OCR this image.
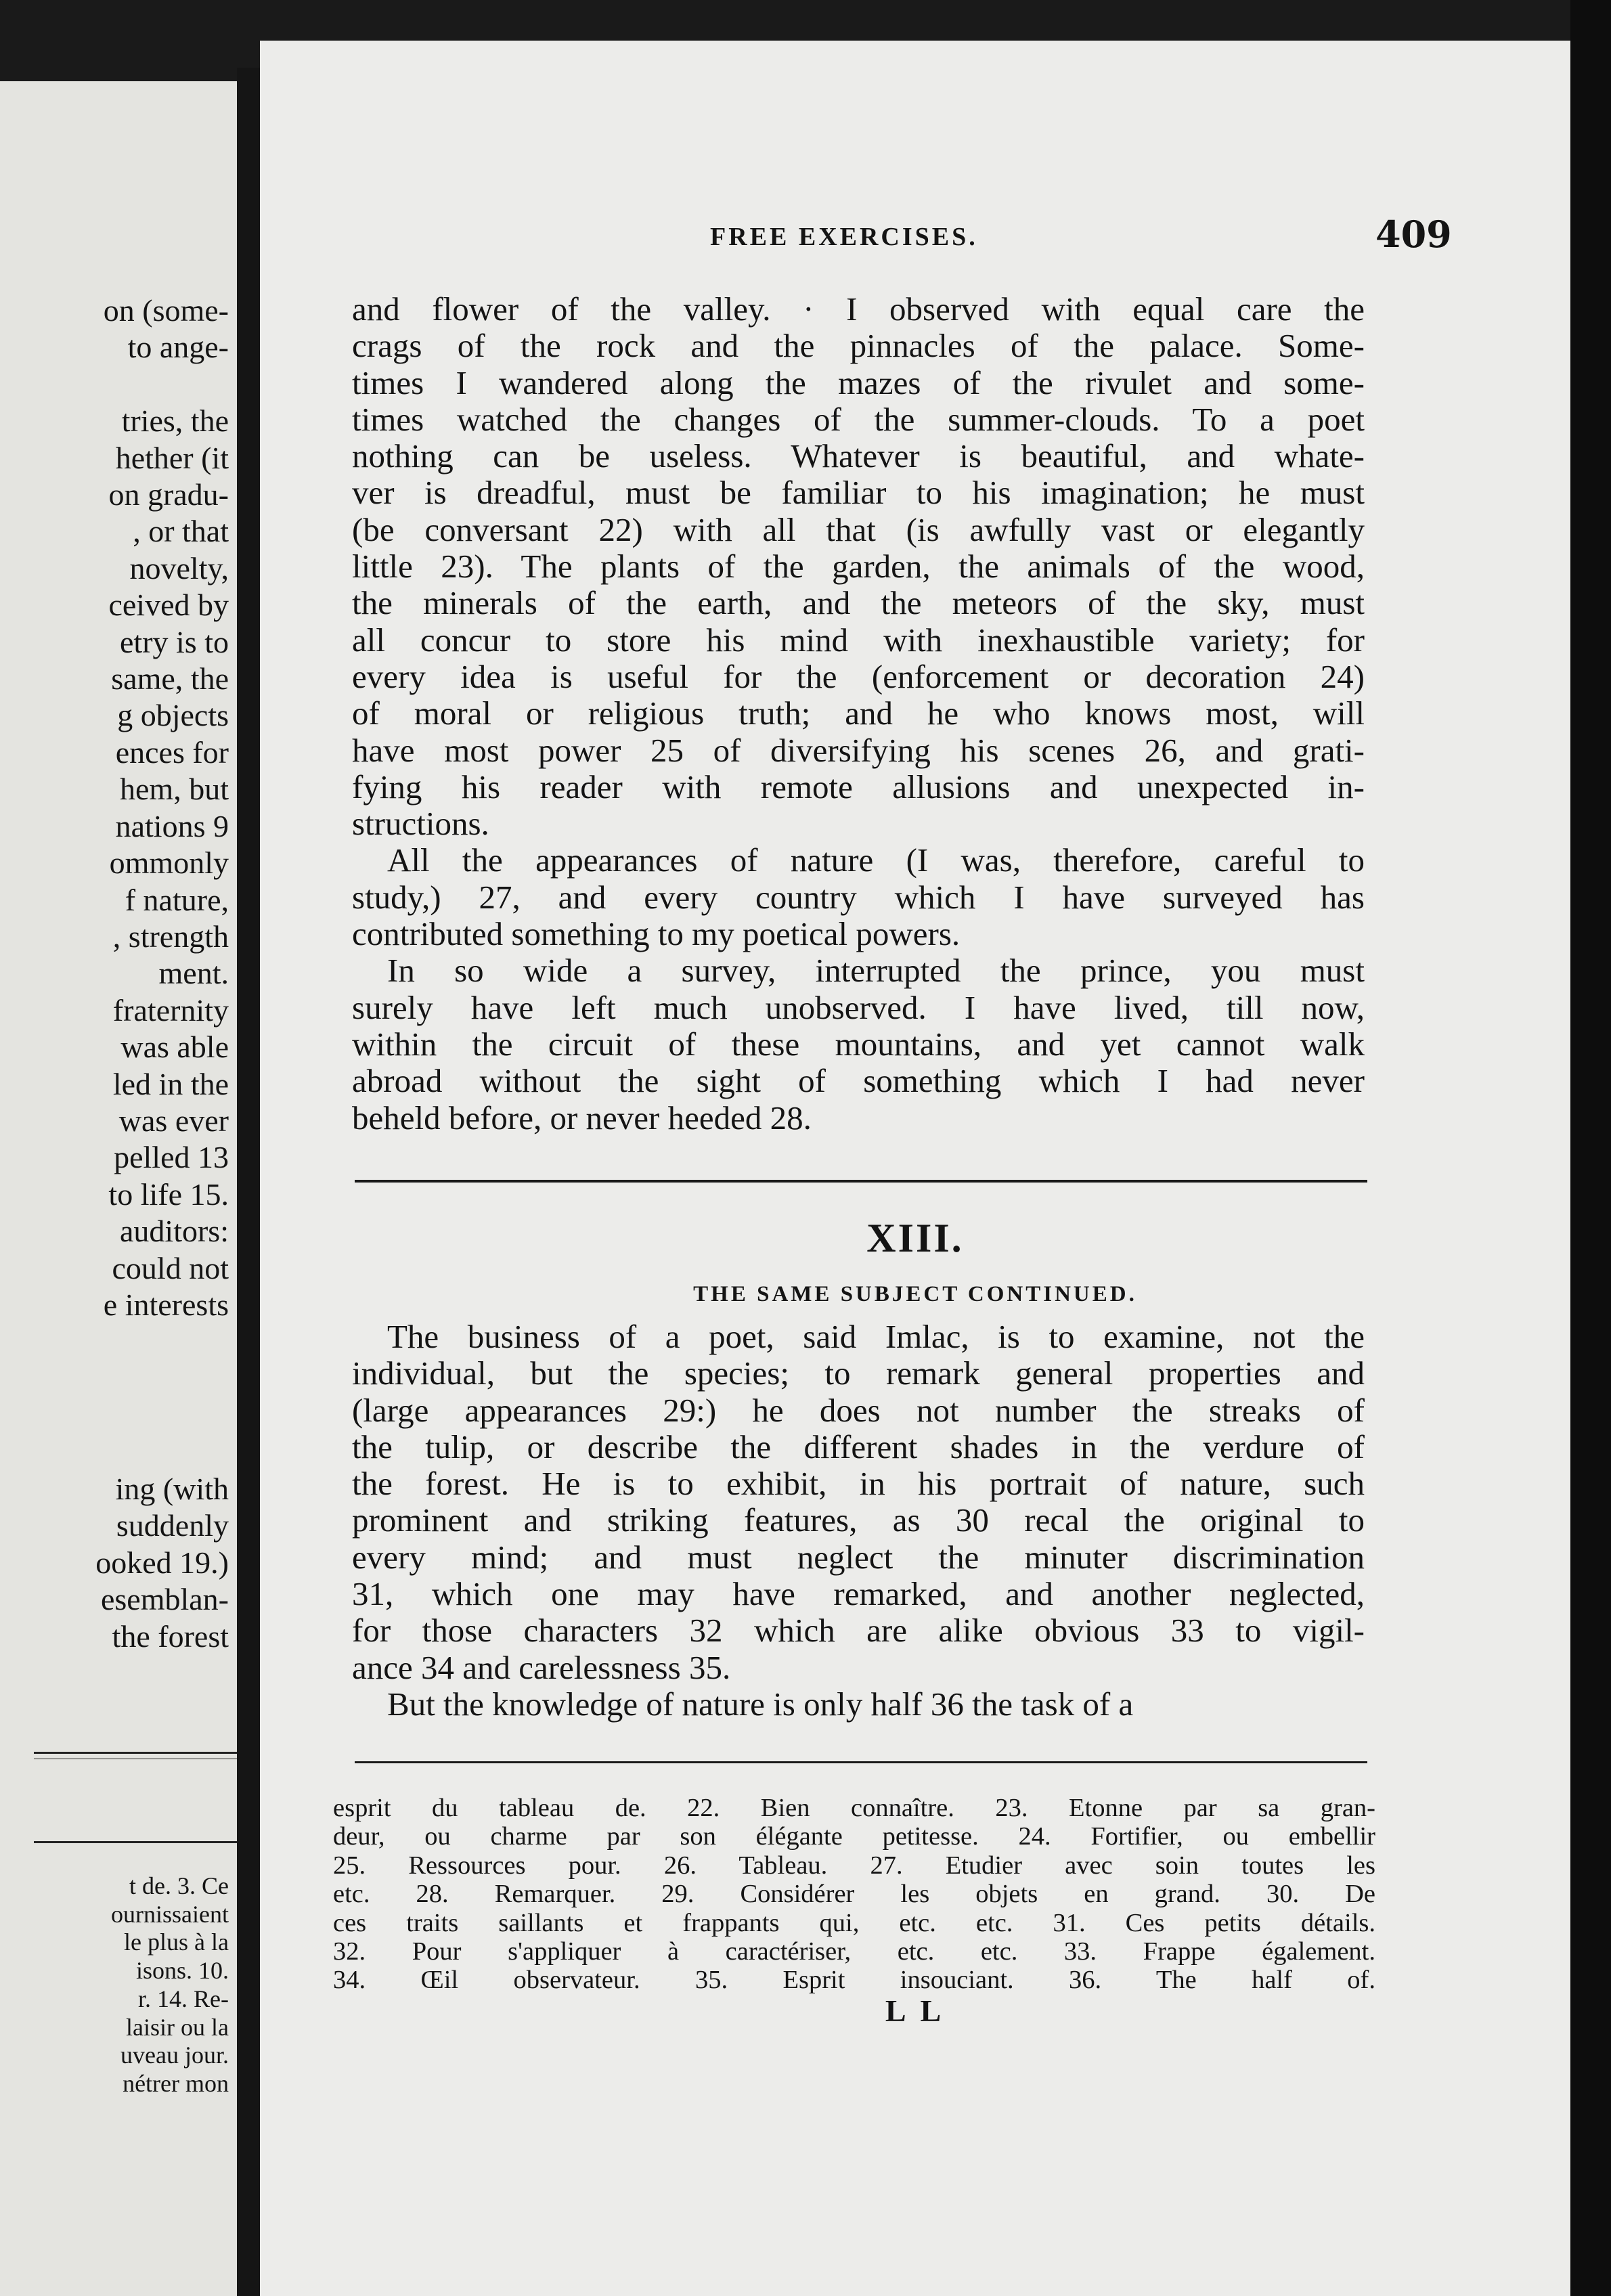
on (some-
to ange-

tries, the
hether (it
on gradu-
, or that
novelty,
ceived by
etry is to
same, the
g objects
ences for
hem, but
nations 9
ommonly
f nature,
, strength
ment.
fraternity
was able
led in the
was ever
pelled 13
to life 15.
auditors:
could not
e interests

ing (with
suddenly
ooked 19.)
esemblan-
the forest
t de. 3. Ce
ournissaient
le plus à la
isons. 10.
r. 14. Re-
laisir ou la
uveau jour.
nétrer mon
FREE EXERCISES.	409
and flower of the valley. · I observed with equal care the
crags of the rock and the pinnacles of the palace. Some-
times I wandered along the mazes of the rivulet and some-
times watched the changes of the summer-clouds. To a poet
nothing can be useless. Whatever is beautiful, and whate-
ver is dreadful, must be familiar to his imagination; he must
(be conversant 22) with all that (is awfully vast or elegantly
little 23). The plants of the garden, the animals of the wood,
the minerals of the earth, and the meteors of the sky, must
all concur to store his mind with inexhaustible variety; for
every idea is useful for the (enforcement or decoration 24)
of moral or religious truth; and he who knows most, will
have most power 25 of diversifying his scenes 26, and grati-
fying his reader with remote allusions and unexpected in-
structions.
All the appearances of nature (I was, therefore, careful to
study,) 27, and every country which I have surveyed has
contributed something to my poetical powers.
In so wide a survey, interrupted the prince, you must
surely have left much unobserved. I have lived, till now,
within the circuit of these mountains, and yet cannot walk
abroad without the sight of something which I had never
beheld before, or never heeded 28.
XIII.
THE SAME SUBJECT CONTINUED.
The business of a poet, said Imlac, is to examine, not the
individual, but the species; to remark general properties and
(large appearances 29:) he does not number the streaks of
the tulip, or describe the different shades in the verdure of
the forest. He is to exhibit, in his portrait of nature, such
prominent and striking features, as 30 recal the original to
every mind; and must neglect the minuter discrimination
31, which one may have remarked, and another neglected,
for those characters 32 which are alike obvious 33 to vigil-
ance 34 and carelessness 35.
But the knowledge of nature is only half 36 the task of a
esprit du tableau de. 22. Bien connaître. 23. Etonne par sa gran-
deur, ou charme par son élégante petitesse. 24. Fortifier, ou embellir
25. Ressources pour. 26. Tableau. 27. Etudier avec soin toutes les
etc. 28. Remarquer. 29. Considérer les objets en grand. 30. De
ces traits saillants et frappants qui, etc. etc. 31. Ces petits détails.
32. Pour s'appliquer à caractériser, etc. etc. 33. Frappe également.
34. Œil observateur. 35. Esprit insouciant. 36. The half of.
L L
